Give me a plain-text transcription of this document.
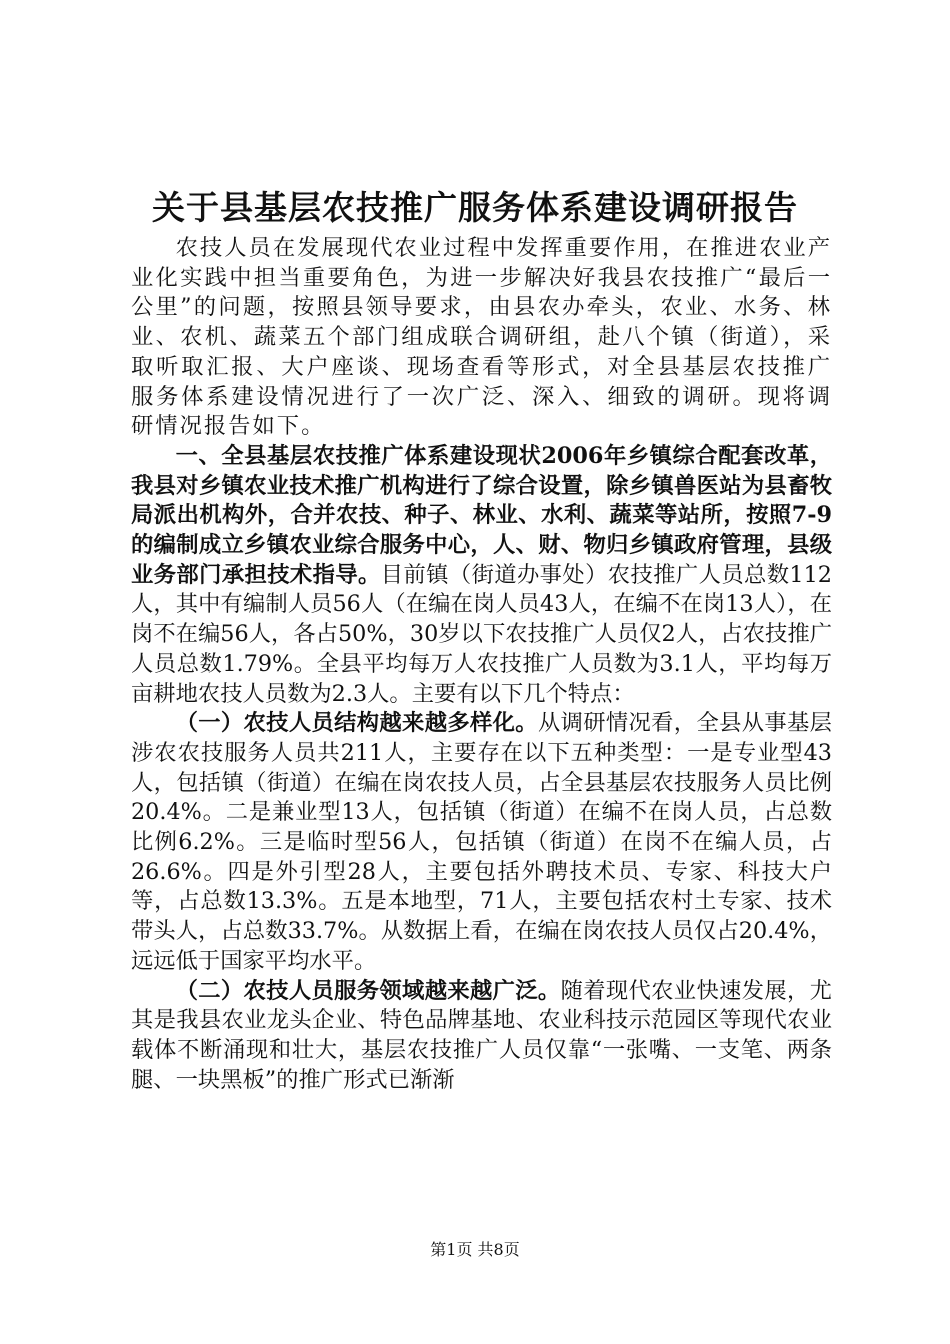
关于县基层农技推广服务体系建设调研报告

农技人员在发展现代农业过程中发挥重要作用，在推进农业产业化实践中担当重要角色，为进一步解决好我县农技推广“最后一公里”的问题，按照县领导要求，由县农办牵头，农业、水务、林业、农机、蔬菜五个部门组成联合调研组，赴八个镇（街道），采取听取汇报、大户座谈、现场查看等形式，对全县基层农技推广服务体系建设情况进行了一次广泛、深入、细致的调研。现将调研情况报告如下。

一、全县基层农技推广体系建设现状2006年乡镇综合配套改革，我县对乡镇农业技术推广机构进行了综合设置，除乡镇兽医站为县畜牧局派出机构外，合并农技、种子、林业、水利、蔬菜等站所，按照7-9的编制成立乡镇农业综合服务中心，人、财、物归乡镇政府管理，县级业务部门承担技术指导。目前镇（街道办事处）农技推广人员总数112人，其中有编制人员56人（在编在岗人员43人，在编不在岗13人），在岗不在编56人，各占50%，30岁以下农技推广人员仅2人，占农技推广人员总数1.79%。全县平均每万人农技推广人员数为3.1人，平均每万亩耕地农技人员数为2.3人。主要有以下几个特点：

（一）农技人员结构越来越多样化。从调研情况看，全县从事基层涉农农技服务人员共211人，主要存在以下五种类型：一是专业型43人，包括镇（街道）在编在岗农技人员，占全县基层农技服务人员比例20.4%。二是兼业型13人，包括镇（街道）在编不在岗人员，占总数比例6.2%。三是临时型56人，包括镇（街道）在岗不在编人员，占26.6%。四是外引型28人，主要包括外聘技术员、专家、科技大户等，占总数13.3%。五是本地型，71人，主要包括农村土专家、技术带头人，占总数33.7%。从数据上看，在编在岗农技人员仅占20.4%，远远低于国家平均水平。

（二）农技人员服务领域越来越广泛。随着现代农业快速发展，尤其是我县农业龙头企业、特色品牌基地、农业科技示范园区等现代农业载体不断涌现和壮大，基层农技推广人员仅靠“一张嘴、一支笔、两条腿、一块黑板”的推广形式已渐渐

第1页 共8页
